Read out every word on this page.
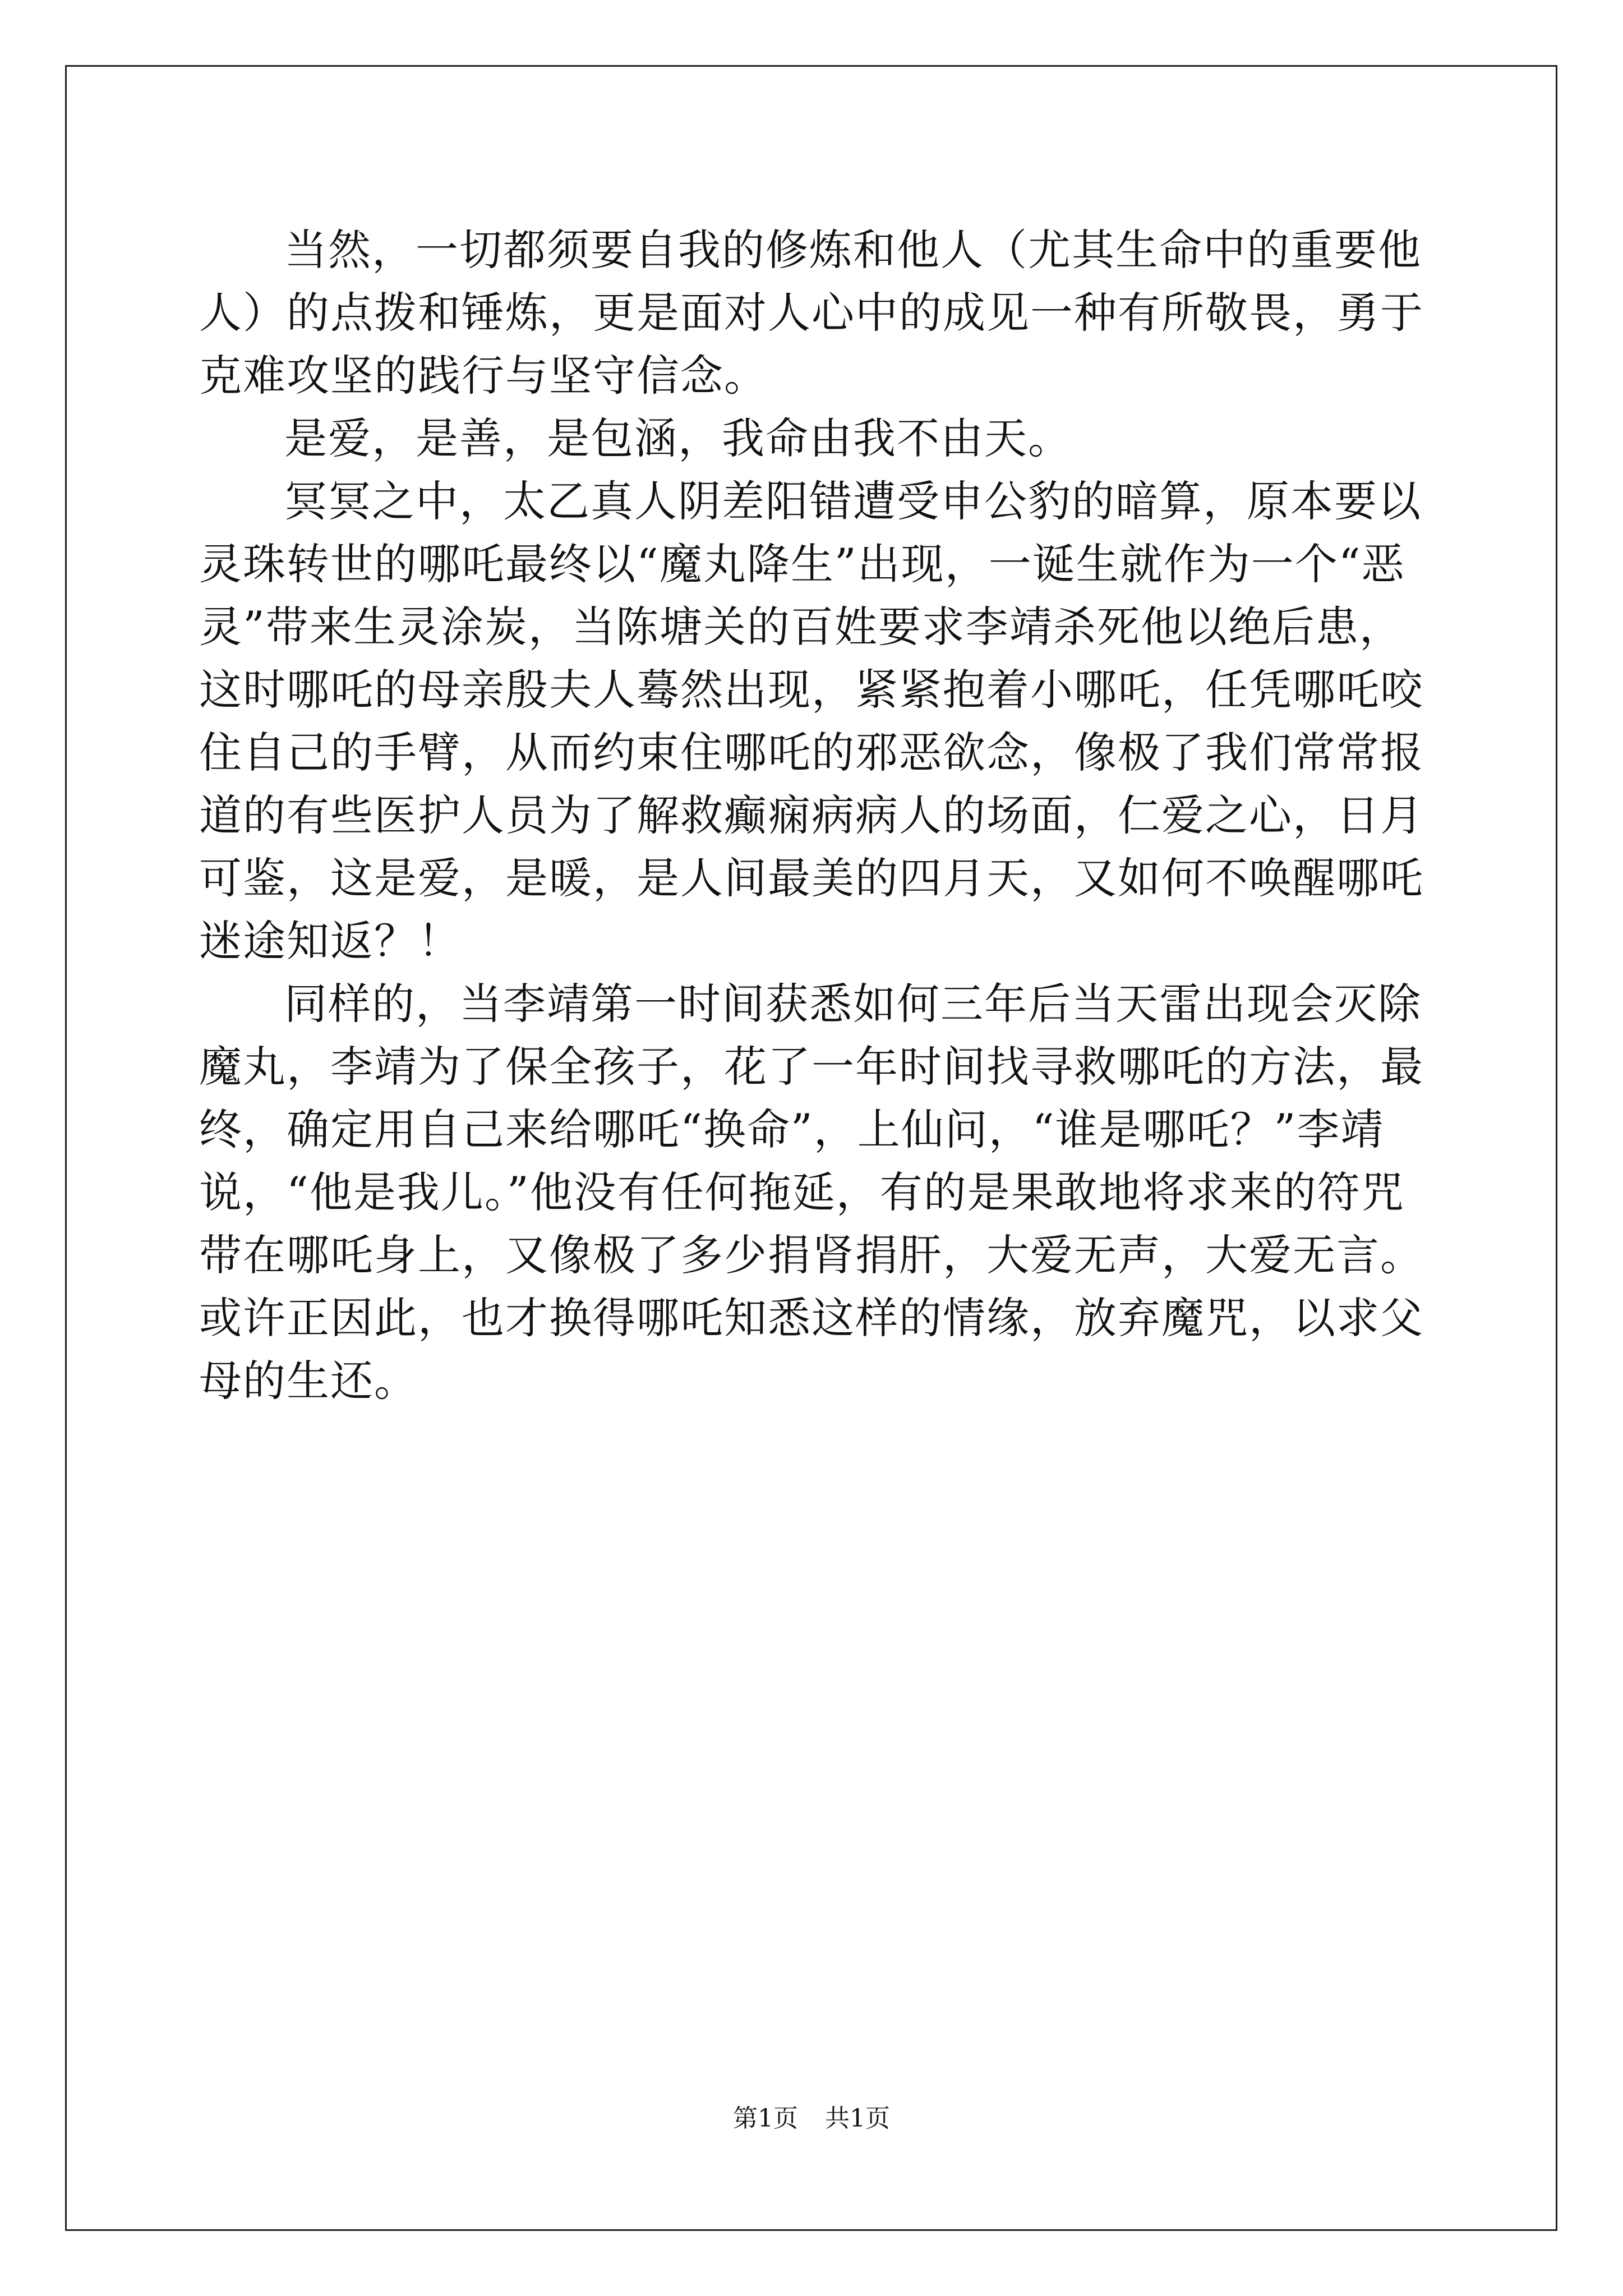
当然，一切都须要自我的修炼和他人（尤其生命中的重要他人）的点拨和锤炼，更是面对人心中的成见一种有所敬畏，勇于克难攻坚的践行与坚守信念。

是爱，是善，是包涵，我命由我不由天。

冥冥之中，太乙真人阴差阳错遭受申公豹的暗算，原本要以灵珠转世的哪吒最终以“魔丸降生”出现，一诞生就作为一个“恶灵”带来生灵涂炭，当陈塘关的百姓要求李靖杀死他以绝后患，这时哪吒的母亲殷夫人蓦然出现，紧紧抱着小哪吒，任凭哪吒咬住自己的手臂，从而约束住哪吒的邪恶欲念，像极了我们常常报道的有些医护人员为了解救癫痫病病人的场面，仁爱之心，日月可鉴，这是爱，是暖，是人间最美的四月天，又如何不唤醒哪吒迷途知返？！

同样的，当李靖第一时间获悉如何三年后当天雷出现会灭除魔丸，李靖为了保全孩子，花了一年时间找寻救哪吒的方法，最终，确定用自己来给哪吒“换命”，上仙问，“谁是哪吒？”李靖说，“他是我儿。”他没有任何拖延，有的是果敢地将求来的符咒带在哪吒身上，又像极了多少捐肾捐肝，大爱无声，大爱无言。或许正因此，也才换得哪吒知悉这样的情缘，放弃魔咒，以求父母的生还。

第1页 共1页
